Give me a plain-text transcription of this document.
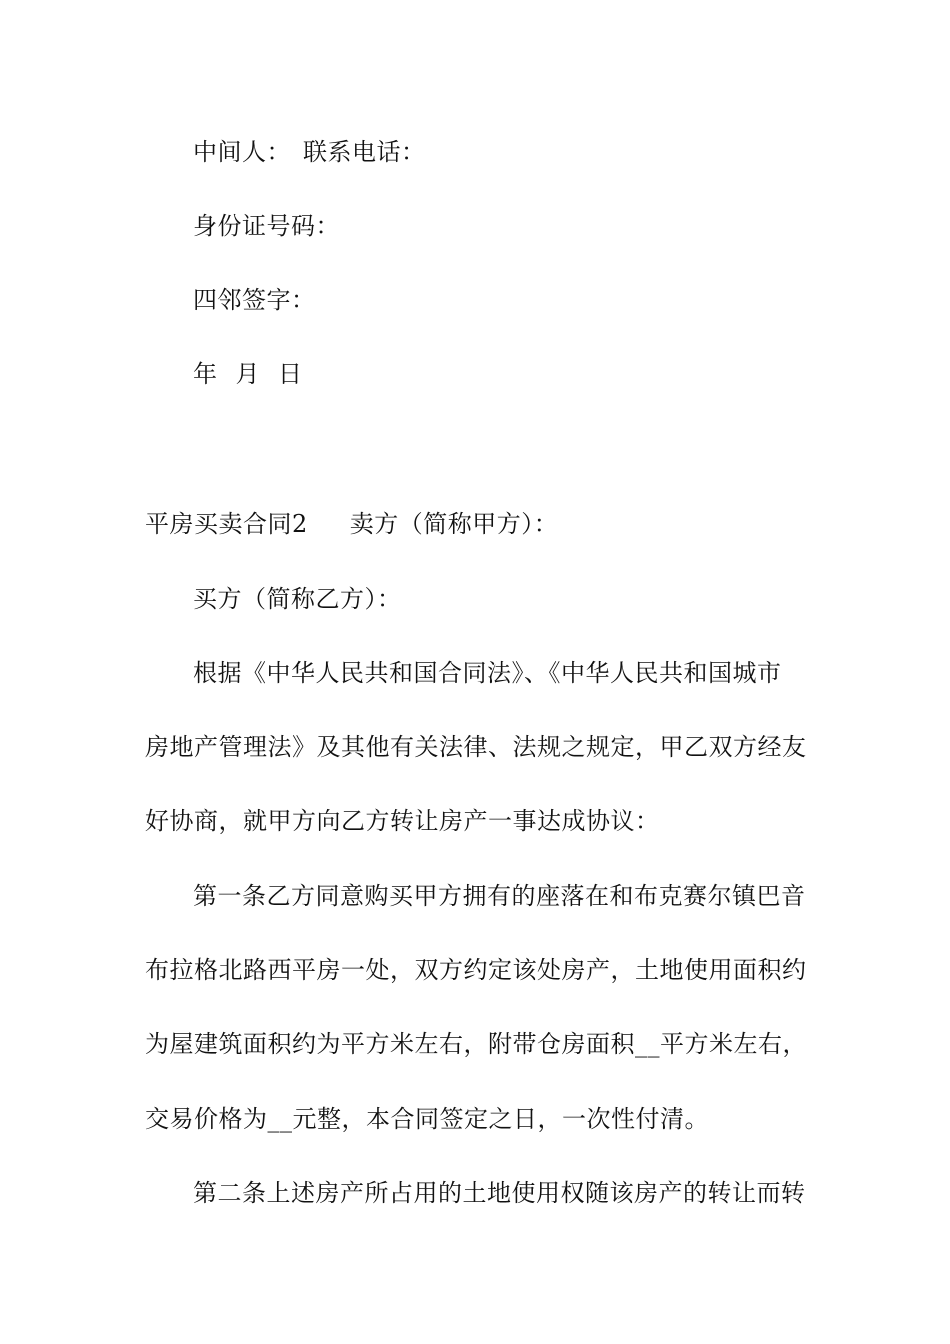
中间人： 联系电话：
身份证号码：
四邻签字：
年 月 日
平房买卖合同2 卖方（简称甲方）：
买方（简称乙方）：
根据《中华人民共和国合同法》、《中华人民共和国城市
房地产管理法》及其他有关法律、法规之规定，甲乙双方经友
好协商，就甲方向乙方转让房产一事达成协议：
第一条乙方同意购买甲方拥有的座落在和布克赛尔镇巴音
布拉格北路西平房一处，双方约定该处房产，土地使用面积约
为屋建筑面积约为平方米左右，附带仓房面积__平方米左右，
交易价格为__元整，本合同签定之日，一次性付清。
第二条上述房产所占用的土地使用权随该房产的转让而转
